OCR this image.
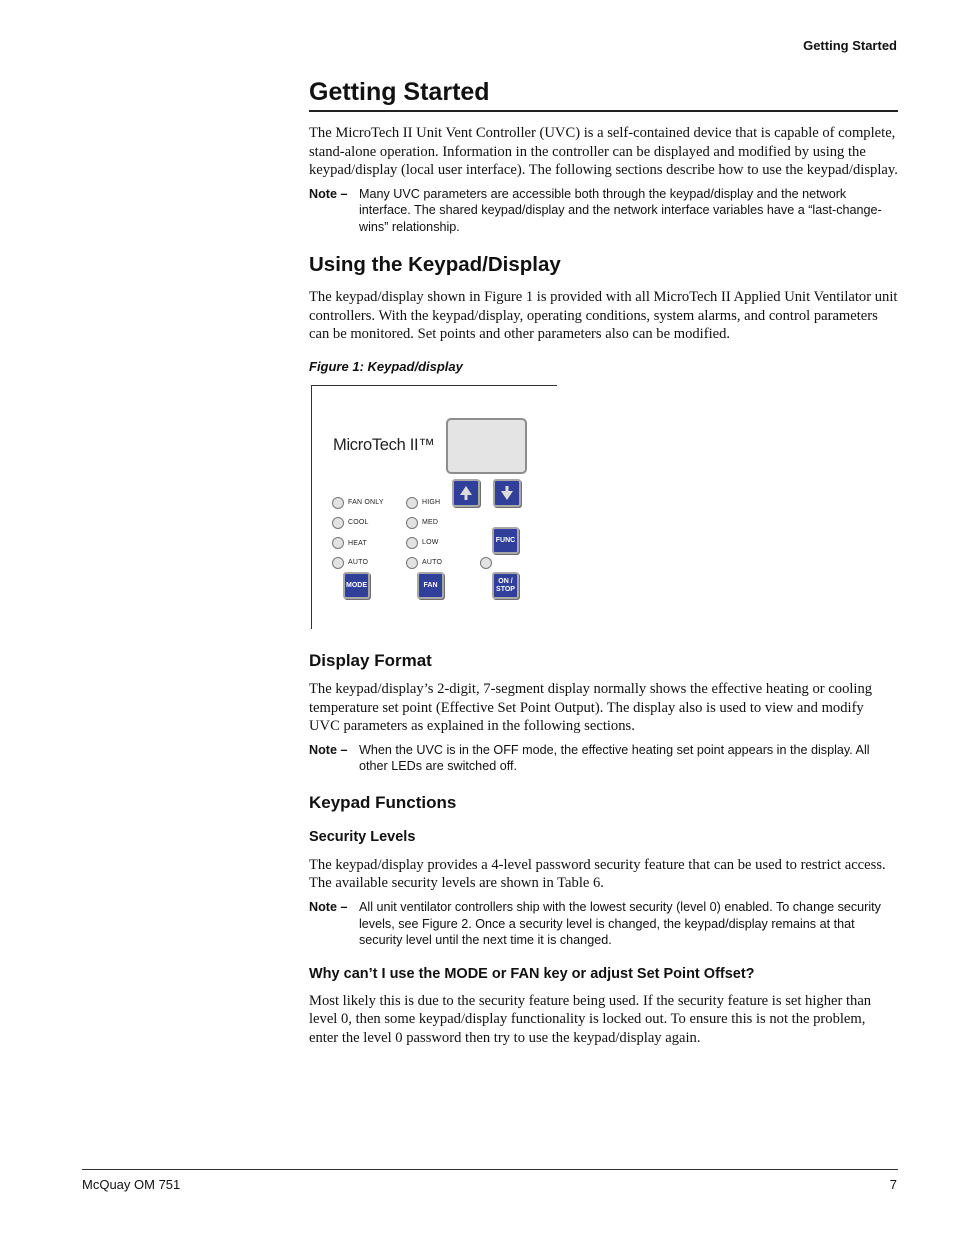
Getting Started
Getting Started

The MicroTech II Unit Vent Controller (UVC) is a self-contained device that is capable of complete, stand-alone operation. Information in the controller can be displayed and modified by using the keypad/display (local user interface). The following sections describe how to use the keypad/display.

Note – Many UVC parameters are accessible both through the keypad/display and the network interface. The shared keypad/display and the network interface variables have a “last-change-wins” relationship.
Using the Keypad/Display

The keypad/display shown in Figure 1 is provided with all MicroTech II Applied Unit Ventilator unit controllers. With the keypad/display, operating conditions, system alarms, and control parameters can be monitored. Set points and other parameters also can be modified.

Figure 1: Keypad/display
MicroTech II™
FAN ONLY
COOL
HEAT
AUTO
HIGH
MED
LOW
AUTO
FUNC
MODE	FAN
ON /
STOP
Display Format

The keypad/display’s 2-digit, 7-segment display normally shows the effective heating or cooling temperature set point (Effective Set Point Output). The display also is used to view and modify UVC parameters as explained in the following sections.

Note – When the UVC is in the OFF mode, the effective heating set point appears in the display. All other LEDs are switched off.
Keypad Functions
Security Levels

The keypad/display provides a 4-level password security feature that can be used to restrict access. The available security levels are shown in Table 6.

Note – All unit ventilator controllers ship with the lowest security (level 0) enabled. To change security levels, see Figure 2. Once a security level is changed, the keypad/display remains at that security level until the next time it is changed.
Why can’t I use the MODE or FAN key or adjust Set Point Offset?

Most likely this is due to the security feature being used. If the security feature is set higher than level 0, then some keypad/display functionality is locked out. To ensure this is not the problem, enter the level 0 password then try to use the keypad/display again.

McQuay OM 751	7
